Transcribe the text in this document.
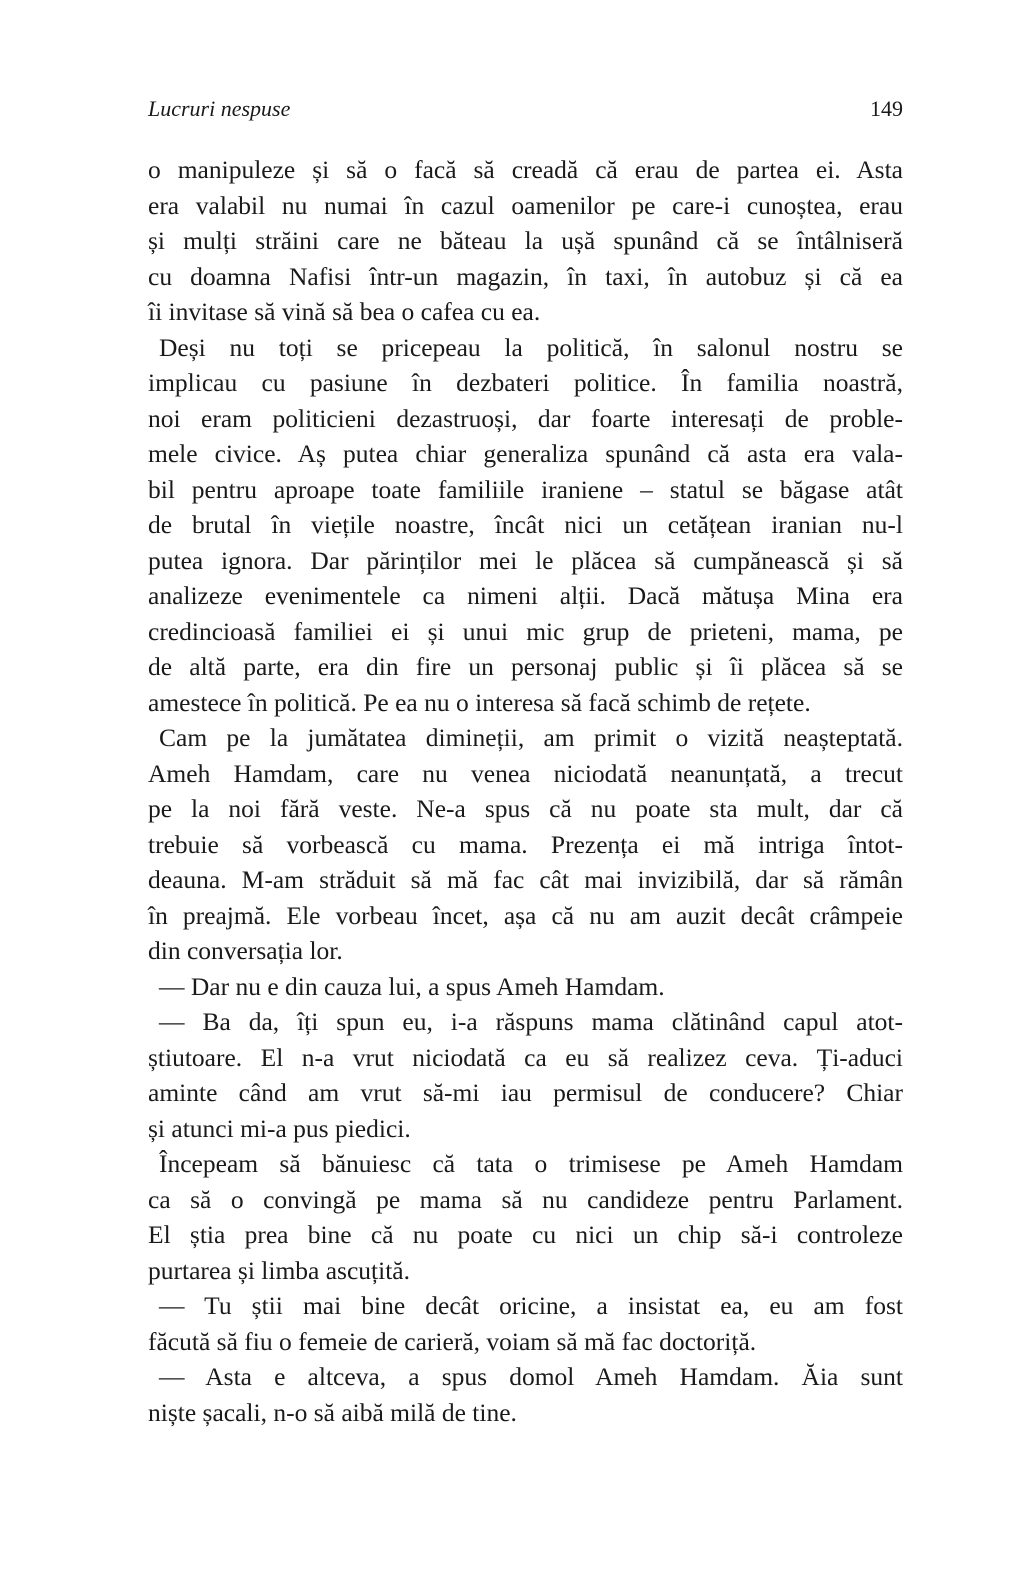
Lucruri nespuse	149
o manipuleze și să o facă să creadă că erau de partea ei. Asta
era valabil nu numai în cazul oamenilor pe care-i cunoștea, erau
și mulți străini care ne băteau la ușă spunând că se întâlniseră
cu doamna Nafisi într-un magazin, în taxi, în autobuz și că ea
îi invitase să vină să bea o cafea cu ea.
Deși nu toți se pricepeau la politică, în salonul nostru se
implicau cu pasiune în dezbateri politice. În familia noastră,
noi eram politicieni dezastruoși, dar foarte interesați de proble-
mele civice. Aș putea chiar generaliza spunând că asta era vala-
bil pentru aproape toate familiile iraniene – statul se băgase atât
de brutal în viețile noastre, încât nici un cetățean iranian nu-l
putea ignora. Dar părinților mei le plăcea să cumpănească și să
analizeze evenimentele ca nimeni alții. Dacă mătușa Mina era
credincioasă familiei ei și unui mic grup de prieteni, mama, pe
de altă parte, era din fire un personaj public și îi plăcea să se
amestece în politică. Pe ea nu o interesa să facă schimb de rețete.
Cam pe la jumătatea dimineții, am primit o vizită neașteptată.
Ameh Hamdam, care nu venea niciodată neanunțată, a trecut
pe la noi fără veste. Ne-a spus că nu poate sta mult, dar că
trebuie să vorbească cu mama. Prezența ei mă intriga întot-
deauna. M-am străduit să mă fac cât mai invizibilă, dar să rămân
în preajmă. Ele vorbeau încet, așa că nu am auzit decât crâmpeie
din conversația lor.
— Dar nu e din cauza lui, a spus Ameh Hamdam.
— Ba da, îți spun eu, i-a răspuns mama clătinând capul atot-
știutoare. El n-a vrut niciodată ca eu să realizez ceva. Ți-aduci
aminte când am vrut să-mi iau permisul de conducere? Chiar
și atunci mi-a pus piedici.
Începeam să bănuiesc că tata o trimisese pe Ameh Hamdam
ca să o convingă pe mama să nu candideze pentru Parlament.
El știa prea bine că nu poate cu nici un chip să-i controleze
purtarea și limba ascuțită.
— Tu știi mai bine decât oricine, a insistat ea, eu am fost
făcută să fiu o femeie de carieră, voiam să mă fac doctoriță.
— Asta e altceva, a spus domol Ameh Hamdam. Ăia sunt
niște șacali, n-o să aibă milă de tine.
